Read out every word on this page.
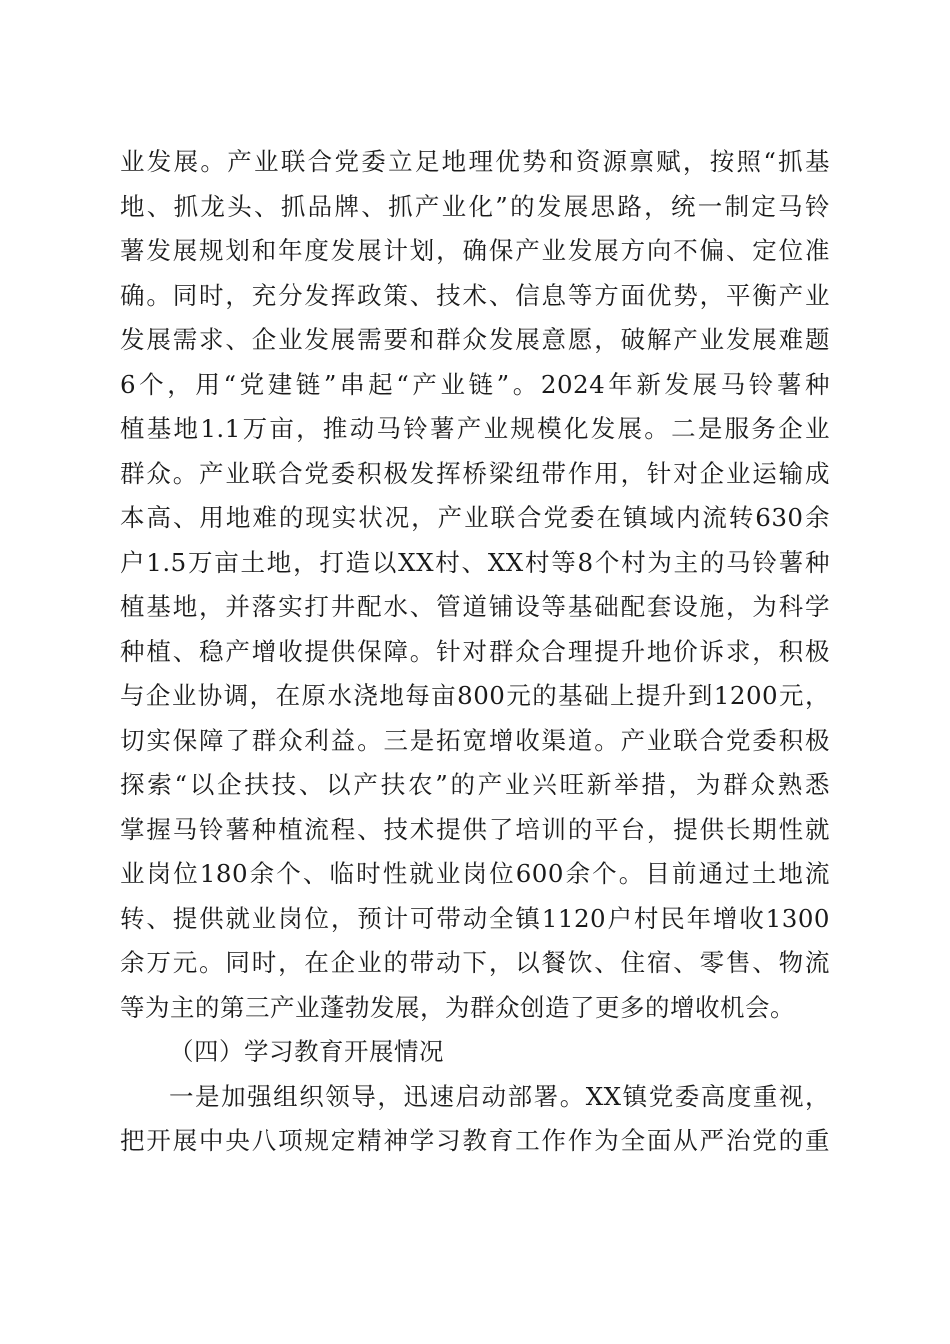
业发展。产业联合党委立足地理优势和资源禀赋，按照“抓基
地、抓龙头、抓品牌、抓产业化”的发展思路，统一制定马铃
薯发展规划和年度发展计划，确保产业发展方向不偏、定位准
确。同时，充分发挥政策、技术、信息等方面优势，平衡产业
发展需求、企业发展需要和群众发展意愿，破解产业发展难题
6个，用“党建链”串起“产业链”。2024年新发展马铃薯种
植基地1.1万亩，推动马铃薯产业规模化发展。二是服务企业
群众。产业联合党委积极发挥桥梁纽带作用，针对企业运输成
本高、用地难的现实状况，产业联合党委在镇域内流转630余
户1.5万亩土地，打造以XX村、XX村等8个村为主的马铃薯种
植基地，并落实打井配水、管道铺设等基础配套设施，为科学
种植、稳产增收提供保障。针对群众合理提升地价诉求，积极
与企业协调，在原水浇地每亩800元的基础上提升到1200元，
切实保障了群众利益。三是拓宽增收渠道。产业联合党委积极
探索“以企扶技、以产扶农”的产业兴旺新举措，为群众熟悉
掌握马铃薯种植流程、技术提供了培训的平台，提供长期性就
业岗位180余个、临时性就业岗位600余个。目前通过土地流
转、提供就业岗位，预计可带动全镇1120户村民年增收1300
余万元。同时，在企业的带动下，以餐饮、住宿、零售、物流
等为主的第三产业蓬勃发展，为群众创造了更多的增收机会。
（四）学习教育开展情况
一是加强组织领导，迅速启动部署。XX镇党委高度重视，
把开展中央八项规定精神学习教育工作作为全面从严治党的重
